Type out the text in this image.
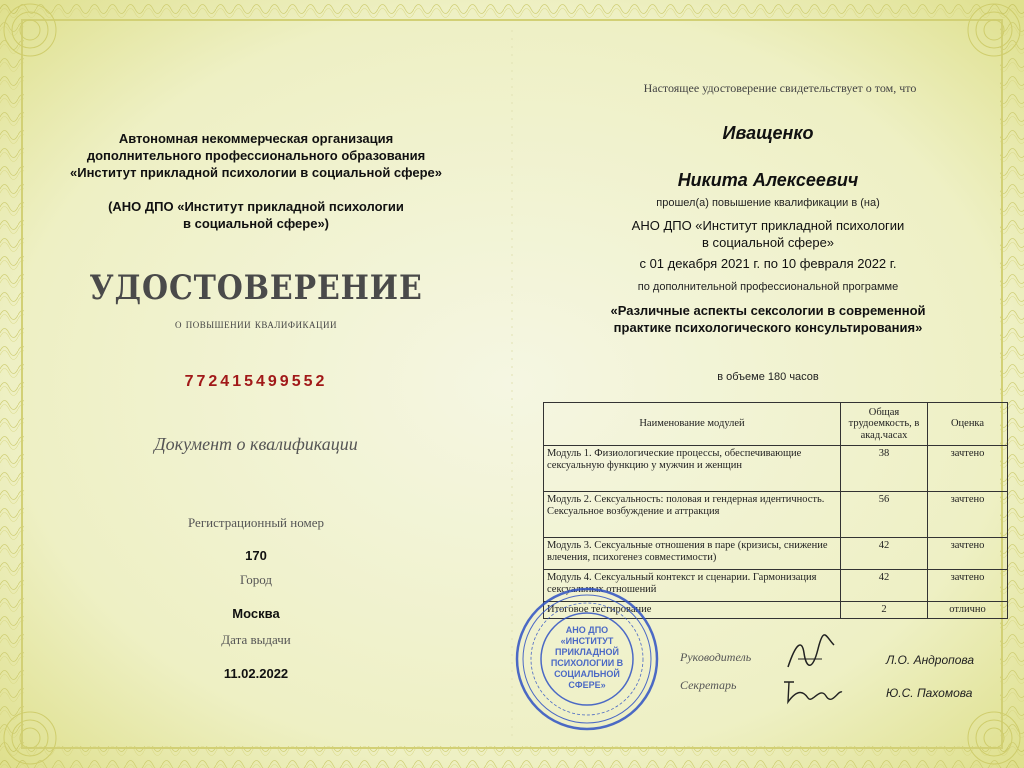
Автономная некоммерческая организация
дополнительного профессионального образования
«Институт прикладной психологии в социальной сфере»
(АНО ДПО «Институт прикладной психологии
в социальной сфере»)
УДОСТОВЕРЕНИЕ
о повышении квалификации
772415499552
Документ о квалификации
Регистрационный номер
170
Город
Москва
Дата выдачи
11.02.2022
Настоящее удостоверение свидетельствует о том, что
Иващенко
Никита Алексеевич
прошел(а) повышение квалификации в (на)
АНО ДПО «Институт прикладной психологии
в социальной сфере»
с 01 декабря 2021 г. по 10 февраля 2022 г.
по дополнительной профессиональной программе
«Различные аспекты сексологии в современной
практике психологического консультирования»
в объеме 180 часов
Наименование модулей	Общая трудоемкость, в акад.часах	Оценка
Модуль 1. Физиологические процессы, обеспечивающие сексуальную функцию у мужчин и женщин	38	зачтено
Модуль 2. Сексуальность: половая и гендерная идентичность. Сексуальное возбуждение и аттракция	56	зачтено
Модуль 3. Сексуальные отношения в паре (кризисы, снижение влечения, психогенез совместимости)	42	зачтено
Модуль 4. Сексуальный контекст и сценарии. Гармонизация сексуальных отношений	42	зачтено
Итоговое тестирование	2	отлично
АНО ДПО
«ИНСТИТУТ
ПРИКЛАДНОЙ
ПСИХОЛОГИИ В
СОЦИАЛЬНОЙ
СФЕРЕ»
Руководитель
Секретарь
Л.О. Андропова
Ю.С. Пахомова
